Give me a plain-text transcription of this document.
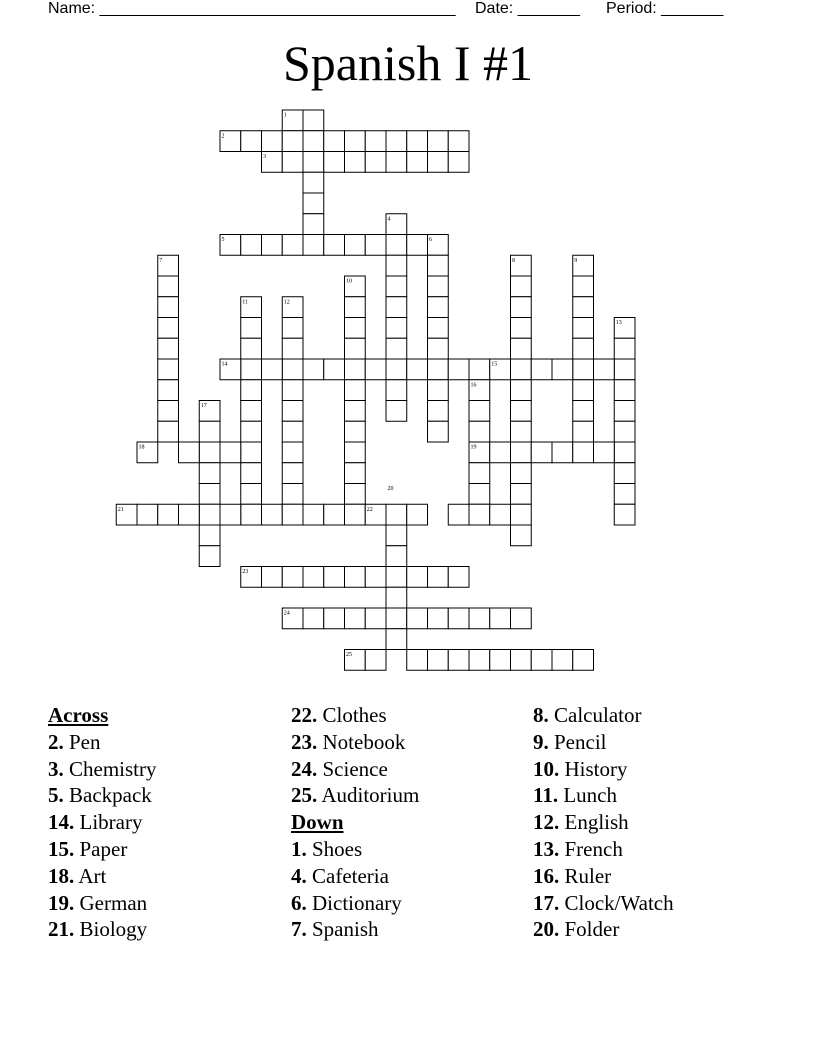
Name: ________________________________________ Date: _______ Period: _______
Spanish I #1
1
2
3
4
5	6
7	8	9
10
11	12
13
14	15
16
17
18	19
20
21	22
23
24
25
Across
2. Pen
3. Chemistry
5. Backpack
14. Library
15. Paper
18. Art
19. German
21. Biology
22. Clothes
23. Notebook
24. Science
25. Auditorium
Down
1. Shoes
4. Cafeteria
6. Dictionary
7. Spanish
8. Calculator
9. Pencil
10. History
11. Lunch
12. English
13. French
16. Ruler
17. Clock/Watch
20. Folder
